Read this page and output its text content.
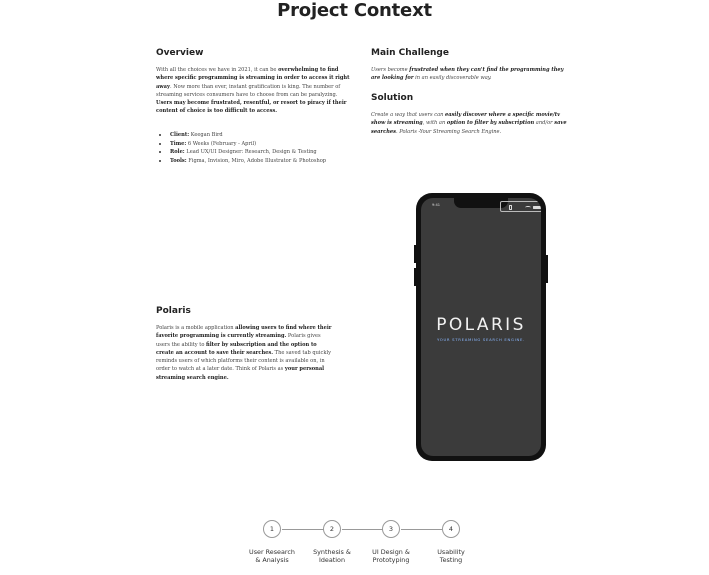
Project Context
Overview
With all the choices we have in 2021, it can be overwhelming to find where specific programming is streaming in order to access it right away. Now more than ever, instant gratification is king. The number of streaming services consumers have to choose from can be paralyzing. Users may become frustrated, resentful, or resort to piracy if their content of choice is too difficult to access.
Client: Keegan Bird
Time: 6 Weeks (February - April)
Role: Lead UX/UI Designer: Research, Design & Testing
Tools: Figma, Invision, Miro, Adobe Illustrator & Photoshop
Main Challenge
Users become frustrated when they can't find the programming they are looking for in an easily discoverable way.
Solution
Create a way that users can easily discover where a specific movie/tv show is streaming, with an option to filter by subscription and/or save searches. Polaris -Your Streaming Search Engine.
Polaris
Polaris is a mobile application allowing users to find where their favorite programming is currently streaming. Polaris gives users the ability to filter by subscription and the option to create an account to save their searches. The saved tab quickly reminds users of which platforms their content is available on, in order to watch at a later date. Think of Polaris as your personal streaming search engine.
9:41
POLARIS
YOUR STREAMING SEARCH ENGINE.
1	2	3	4
User Research
& Analysis
Synthesis &
Ideation
UI Design &
Prototyping
Usability
Testing
